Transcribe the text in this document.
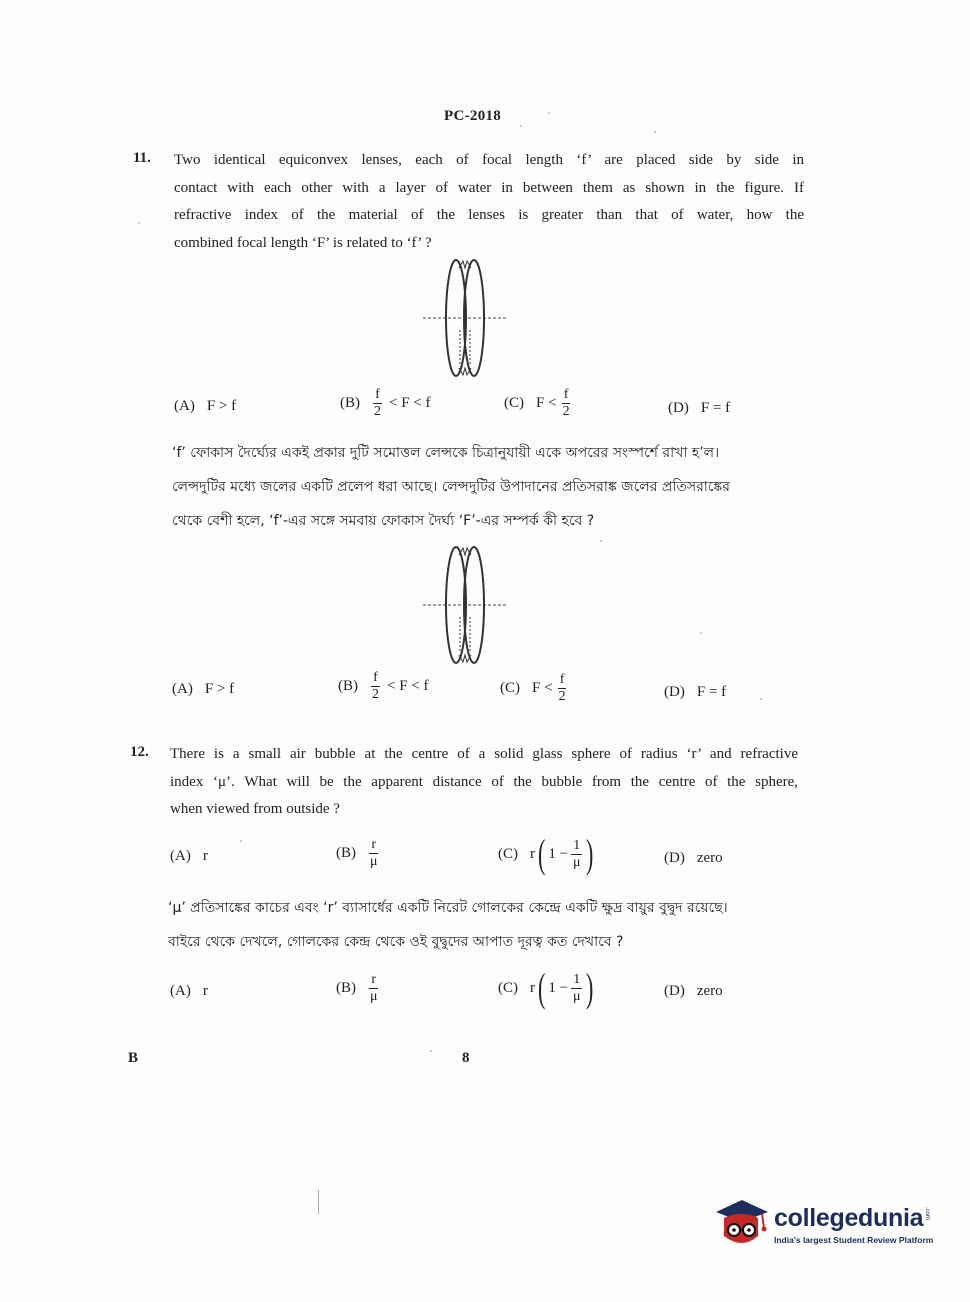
PC-2018
11. Two identical equiconvex lenses, each of focal length ‘f’ are placed side by side in
contact with each other with a layer of water in between them as shown in the figure. If
refractive index of the material of the lenses is greater than that of water, how the
combined focal length ‘F’ is related to ‘f’ ?
(A) F > f	$(B) \frac{f}{2} < F < f$	(C) $F < \frac{f}{2}$	(D) F = f
‘f’ ফোকাস দৈর্ঘ্যের একই প্রকার দুটি সমোত্তল লেন্সকে চিত্রানুযায়ী একে অপরের সংস্পর্শে রাখা হ’ল।
লেন্সদুটির মধ্যে জলের একটি প্রলেপ ধরা আছে। লেন্সদুটির উপাদানের প্রতিসরাঙ্ক জলের প্রতিসরাঙ্কের
থেকে বেশী হলে, ‘f’-এর সঙ্গে সমবায় ফোকাস দৈর্ঘ্য ‘F’-এর সম্পর্ক কী হবে ?
(A) F > f	$(B) \frac{f}{2} < F < f$	(C) $F < \frac{f}{2}$	(D) F = f
12. There is a small air bubble at the centre of a solid glass sphere of radius ‘r’ and refractive
index ‘μ’. What will be the apparent distance of the bubble from the centre of the sphere,
when viewed from outside ?
(A) r	$(B) \frac{r}{\mu}$	(C) r ( $1 - \frac{1}{\mu}$ )	(D) zero
‘μ’ প্রতিসাঙ্কের কাচের এবং ‘r’ ব্যাসার্ধের একটি নিরেট গোলকের কেন্দ্রে একটি ক্ষুদ্র বায়ুর বুদ্বুদ রয়েছে।
বাইরে থেকে দেখলে, গোলকের কেন্দ্র থেকে ওই বুদ্বুদের আপাত দূরত্ব কত দেখাবে ?
(A) r	$(B) \frac{r}{\mu}$	(C) r ( $1 - \frac{1}{\mu}$ )	(D) zero
B	8
collegedunia .com
India's largest Student Review Platform
